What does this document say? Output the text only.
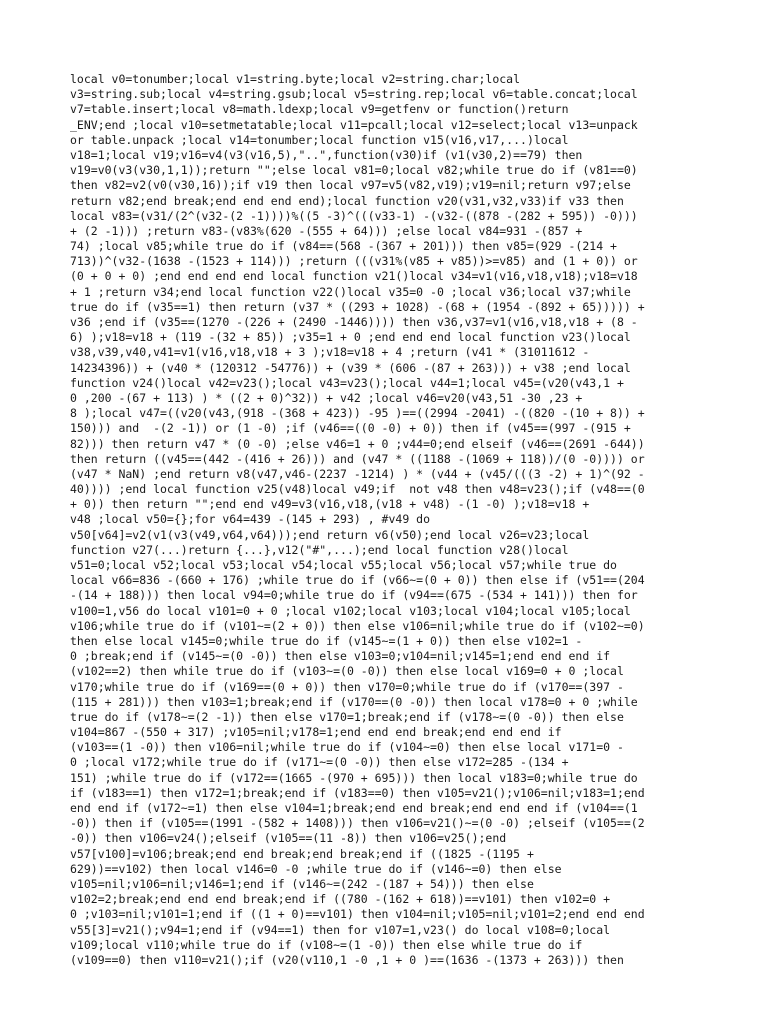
local v0=tonumber;local v1=string.byte;local v2=string.char;local
v3=string.sub;local v4=string.gsub;local v5=string.rep;local v6=table.concat;local
v7=table.insert;local v8=math.ldexp;local v9=getfenv or function()return
_ENV;end ;local v10=setmetatable;local v11=pcall;local v12=select;local v13=unpack
or table.unpack ;local v14=tonumber;local function v15(v16,v17,...)local
v18=1;local v19;v16=v4(v3(v16,5),"..",function(v30)if (v1(v30,2)==79) then
v19=v0(v3(v30,1,1));return "";else local v81=0;local v82;while true do if (v81==0)
then v82=v2(v0(v30,16));if v19 then local v97=v5(v82,v19);v19=nil;return v97;else
return v82;end break;end end end end);local function v20(v31,v32,v33)if v33 then
local v83=(v31/(2^(v32-(2 -1))))%((5 -3)^(((v33-1) -(v32-((878 -(282 + 595)) -0)))
+ (2 -1))) ;return v83-(v83%(620 -(555 + 64))) ;else local v84=931 -(857 +
74) ;local v85;while true do if (v84==(568 -(367 + 201))) then v85=(929 -(214 +
713))^(v32-(1638 -(1523 + 114))) ;return (((v31%(v85 + v85))>=v85) and (1 + 0)) or
(0 + 0 + 0) ;end end end end local function v21()local v34=v1(v16,v18,v18);v18=v18
+ 1 ;return v34;end local function v22()local v35=0 -0 ;local v36;local v37;while
true do if (v35==1) then return (v37 * ((293 + 1028) -(68 + (1954 -(892 + 65))))) +
v36 ;end if (v35==(1270 -(226 + (2490 -1446)))) then v36,v37=v1(v16,v18,v18 + (8 -
6) );v18=v18 + (119 -(32 + 85)) ;v35=1 + 0 ;end end end local function v23()local
v38,v39,v40,v41=v1(v16,v18,v18 + 3 );v18=v18 + 4 ;return (v41 * (31011612 -
14234396)) + (v40 * (120312 -54776)) + (v39 * (606 -(87 + 263))) + v38 ;end local
function v24()local v42=v23();local v43=v23();local v44=1;local v45=(v20(v43,1 +
0 ,200 -(67 + 113) ) * ((2 + 0)^32)) + v42 ;local v46=v20(v43,51 -30 ,23 +
8 );local v47=((v20(v43,(918 -(368 + 423)) -95 )==((2994 -2041) -((820 -(10 + 8)) +
150))) and  -(2 -1)) or (1 -0) ;if (v46==((0 -0) + 0)) then if (v45==(997 -(915 +
82))) then return v47 * (0 -0) ;else v46=1 + 0 ;v44=0;end elseif (v46==(2691 -644))
then return ((v45==(442 -(416 + 26))) and (v47 * ((1188 -(1069 + 118))/(0 -0)))) or
(v47 * NaN) ;end return v8(v47,v46-(2237 -1214) ) * (v44 + (v45/(((3 -2) + 1)^(92 -
40)))) ;end local function v25(v48)local v49;if  not v48 then v48=v23();if (v48==(0
+ 0)) then return "";end end v49=v3(v16,v18,(v18 + v48) -(1 -0) );v18=v18 +
v48 ;local v50={};for v64=439 -(145 + 293) , #v49 do
v50[v64]=v2(v1(v3(v49,v64,v64)));end return v6(v50);end local v26=v23;local
function v27(...)return {...},v12("#",...);end local function v28()local
v51=0;local v52;local v53;local v54;local v55;local v56;local v57;while true do
local v66=836 -(660 + 176) ;while true do if (v66~=(0 + 0)) then else if (v51==(204
-(14 + 188))) then local v94=0;while true do if (v94==(675 -(534 + 141))) then for
v100=1,v56 do local v101=0 + 0 ;local v102;local v103;local v104;local v105;local
v106;while true do if (v101~=(2 + 0)) then else v106=nil;while true do if (v102~=0)
then else local v145=0;while true do if (v145~=(1 + 0)) then else v102=1 -
0 ;break;end if (v145~=(0 -0)) then else v103=0;v104=nil;v145=1;end end end if
(v102==2) then while true do if (v103~=(0 -0)) then else local v169=0 + 0 ;local
v170;while true do if (v169==(0 + 0)) then v170=0;while true do if (v170==(397 -
(115 + 281))) then v103=1;break;end if (v170==(0 -0)) then local v178=0 + 0 ;while
true do if (v178~=(2 -1)) then else v170=1;break;end if (v178~=(0 -0)) then else
v104=867 -(550 + 317) ;v105=nil;v178=1;end end end break;end end end if
(v103==(1 -0)) then v106=nil;while true do if (v104~=0) then else local v171=0 -
0 ;local v172;while true do if (v171~=(0 -0)) then else v172=285 -(134 +
151) ;while true do if (v172==(1665 -(970 + 695))) then local v183=0;while true do
if (v183==1) then v172=1;break;end if (v183==0) then v105=v21();v106=nil;v183=1;end
end end if (v172~=1) then else v104=1;break;end end break;end end end if (v104==(1
-0)) then if (v105==(1991 -(582 + 1408))) then v106=v21()~=(0 -0) ;elseif (v105==(2
-0)) then v106=v24();elseif (v105==(11 -8)) then v106=v25();end
v57[v100]=v106;break;end end break;end break;end if ((1825 -(1195 +
629))==v102) then local v146=0 -0 ;while true do if (v146~=0) then else
v105=nil;v106=nil;v146=1;end if (v146~=(242 -(187 + 54))) then else
v102=2;break;end end end break;end if ((780 -(162 + 618))==v101) then v102=0 +
0 ;v103=nil;v101=1;end if ((1 + 0)==v101) then v104=nil;v105=nil;v101=2;end end end
v55[3]=v21();v94=1;end if (v94==1) then for v107=1,v23() do local v108=0;local
v109;local v110;while true do if (v108~=(1 -0)) then else while true do if
(v109==0) then v110=v21();if (v20(v110,1 -0 ,1 + 0 )==(1636 -(1373 + 263))) then
